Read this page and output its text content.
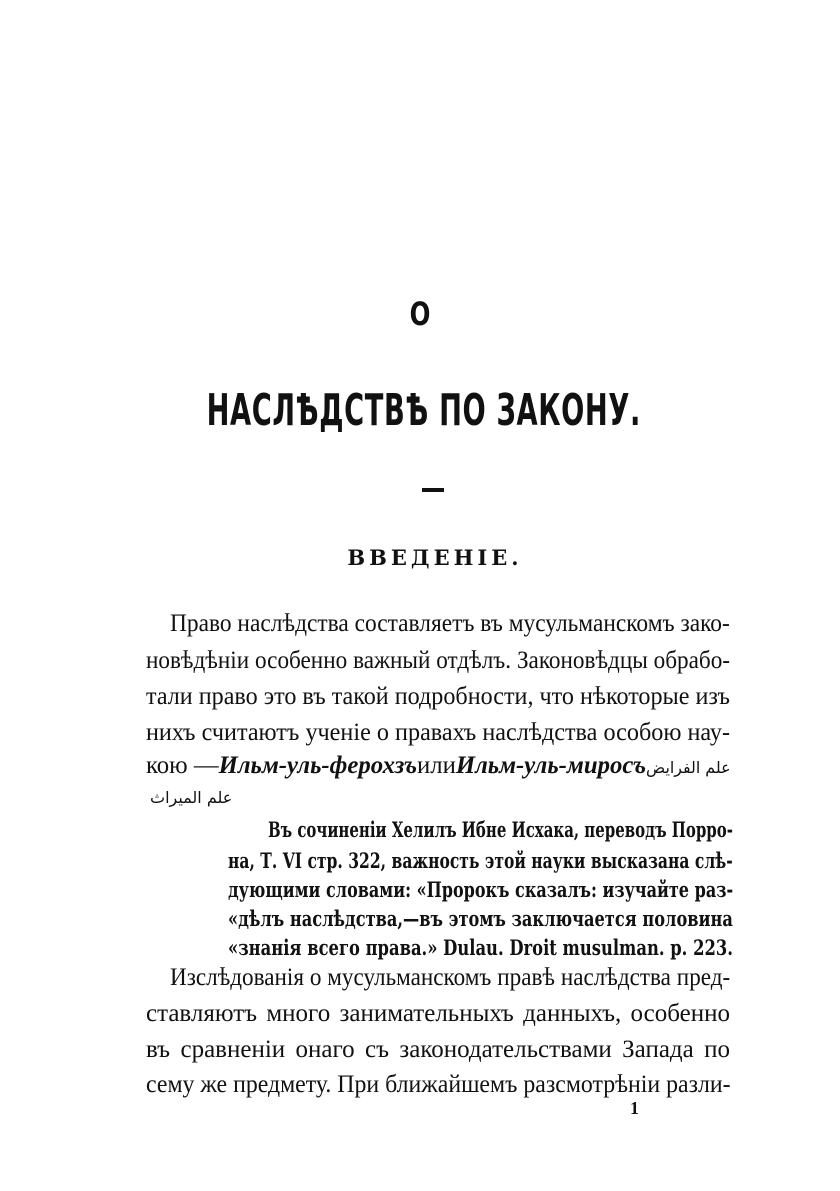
О
НАСЛѢДСТВѢ ПО ЗАКОНУ.
ВВЕДЕНІЕ.
Право наслѣдства составляетъ въ мусульманскомъ зако-
новѣдѣніи особенно важный отдѣлъ. Законовѣдцы обрабо-
тали право это въ такой подробности, что нѣкоторые изъ
нихъ считаютъ ученіе о правахъ наслѣдства особою нау-
кою — Ильм-уль-ферохзъ или Ильм-уль-миросъ علم الفرايض
علم الميراث
Въ сочиненіи Хелилъ Ибне Исхака, переводъ Порро-
на, Т. VI стр. 322, важность этой науки высказана слѣ-
дующими словами: «Пророкъ сказалъ: изучайте раз-
«дѣлъ наслѣдства,—въ этомъ заключается половина
«знанія всего права.» Dulau. Droit musulman. p. 223.
Изслѣдованія о мусульманскомъ правѣ наслѣдства пред-
ставляютъ много занимательныхъ данныхъ, особенно
въ сравненіи онаго съ законодательствами Запада по
сему же предмету. При ближайшемъ разсмотрѣніи разли-
1
